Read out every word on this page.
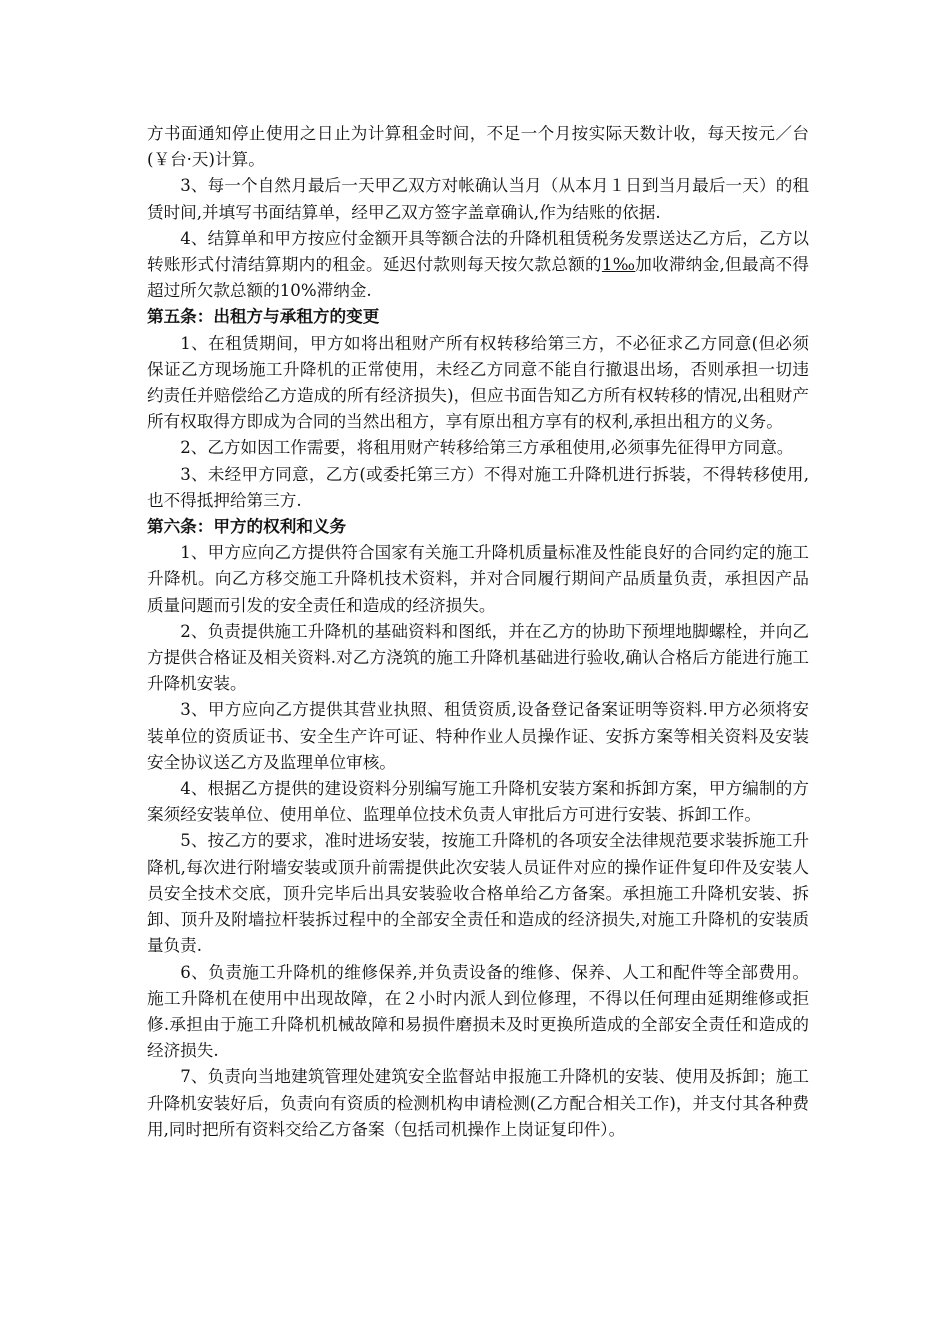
方书面通知停止使用之日止为计算租金时间，不足一个月按实际天数计收，每天按元／台(￥台·天)计算。

3、每一个自然月最后一天甲乙双方对帐确认当月（从本月１日到当月最后一天）的租赁时间,并填写书面结算单，经甲乙双方签字盖章确认,作为结账的依据.

4、结算单和甲方按应付金额开具等额合法的升降机租赁税务发票送达乙方后，乙方以转账形式付清结算期内的租金。延迟付款则每天按欠款总额的1‰加收滞纳金,但最高不得超过所欠款总额的10%滞纳金.

第五条：出租方与承租方的变更

1、在租赁期间，甲方如将出租财产所有权转移给第三方，不必征求乙方同意(但必须保证乙方现场施工升降机的正常使用，未经乙方同意不能自行撤退出场，否则承担一切违约责任并赔偿给乙方造成的所有经济损失)，但应书面告知乙方所有权转移的情况,出租财产所有权取得方即成为合同的当然出租方，享有原出租方享有的权利,承担出租方的义务。

2、乙方如因工作需要，将租用财产转移给第三方承租使用,必须事先征得甲方同意。

3、未经甲方同意，乙方(或委托第三方）不得对施工升降机进行拆装，不得转移使用,也不得抵押给第三方.

第六条：甲方的权利和义务

1、甲方应向乙方提供符合国家有关施工升降机质量标准及性能良好的合同约定的施工升降机。向乙方移交施工升降机技术资料，并对合同履行期间产品质量负责，承担因产品质量问题而引发的安全责任和造成的经济损失。

2、负责提供施工升降机的基础资料和图纸，并在乙方的协助下预埋地脚螺栓，并向乙方提供合格证及相关资料.对乙方浇筑的施工升降机基础进行验收,确认合格后方能进行施工升降机安装。

3、甲方应向乙方提供其营业执照、租赁资质,设备登记备案证明等资料.甲方必须将安装单位的资质证书、安全生产许可证、特种作业人员操作证、安拆方案等相关资料及安装安全协议送乙方及监理单位审核。

4、根据乙方提供的建设资料分别编写施工升降机安装方案和拆卸方案，甲方编制的方案须经安装单位、使用单位、监理单位技术负责人审批后方可进行安装、拆卸工作。

5、按乙方的要求，准时进场安装，按施工升降机的各项安全法律规范要求装拆施工升降机,每次进行附墙安装或顶升前需提供此次安装人员证件对应的操作证件复印件及安装人员安全技术交底，顶升完毕后出具安装验收合格单给乙方备案。承担施工升降机安装、拆卸、顶升及附墙拉杆装拆过程中的全部安全责任和造成的经济损失,对施工升降机的安装质量负责.

6、负责施工升降机的维修保养,并负责设备的维修、保养、人工和配件等全部费用。施工升降机在使用中出现故障，在２小时内派人到位修理，不得以任何理由延期维修或拒修.承担由于施工升降机机械故障和易损件磨损未及时更换所造成的全部安全责任和造成的经济损失.

7、负责向当地建筑管理处建筑安全监督站申报施工升降机的安装、使用及拆卸；施工升降机安装好后，负责向有资质的检测机构申请检测(乙方配合相关工作)，并支付其各种费用,同时把所有资料交给乙方备案（包括司机操作上岗证复印件）。
